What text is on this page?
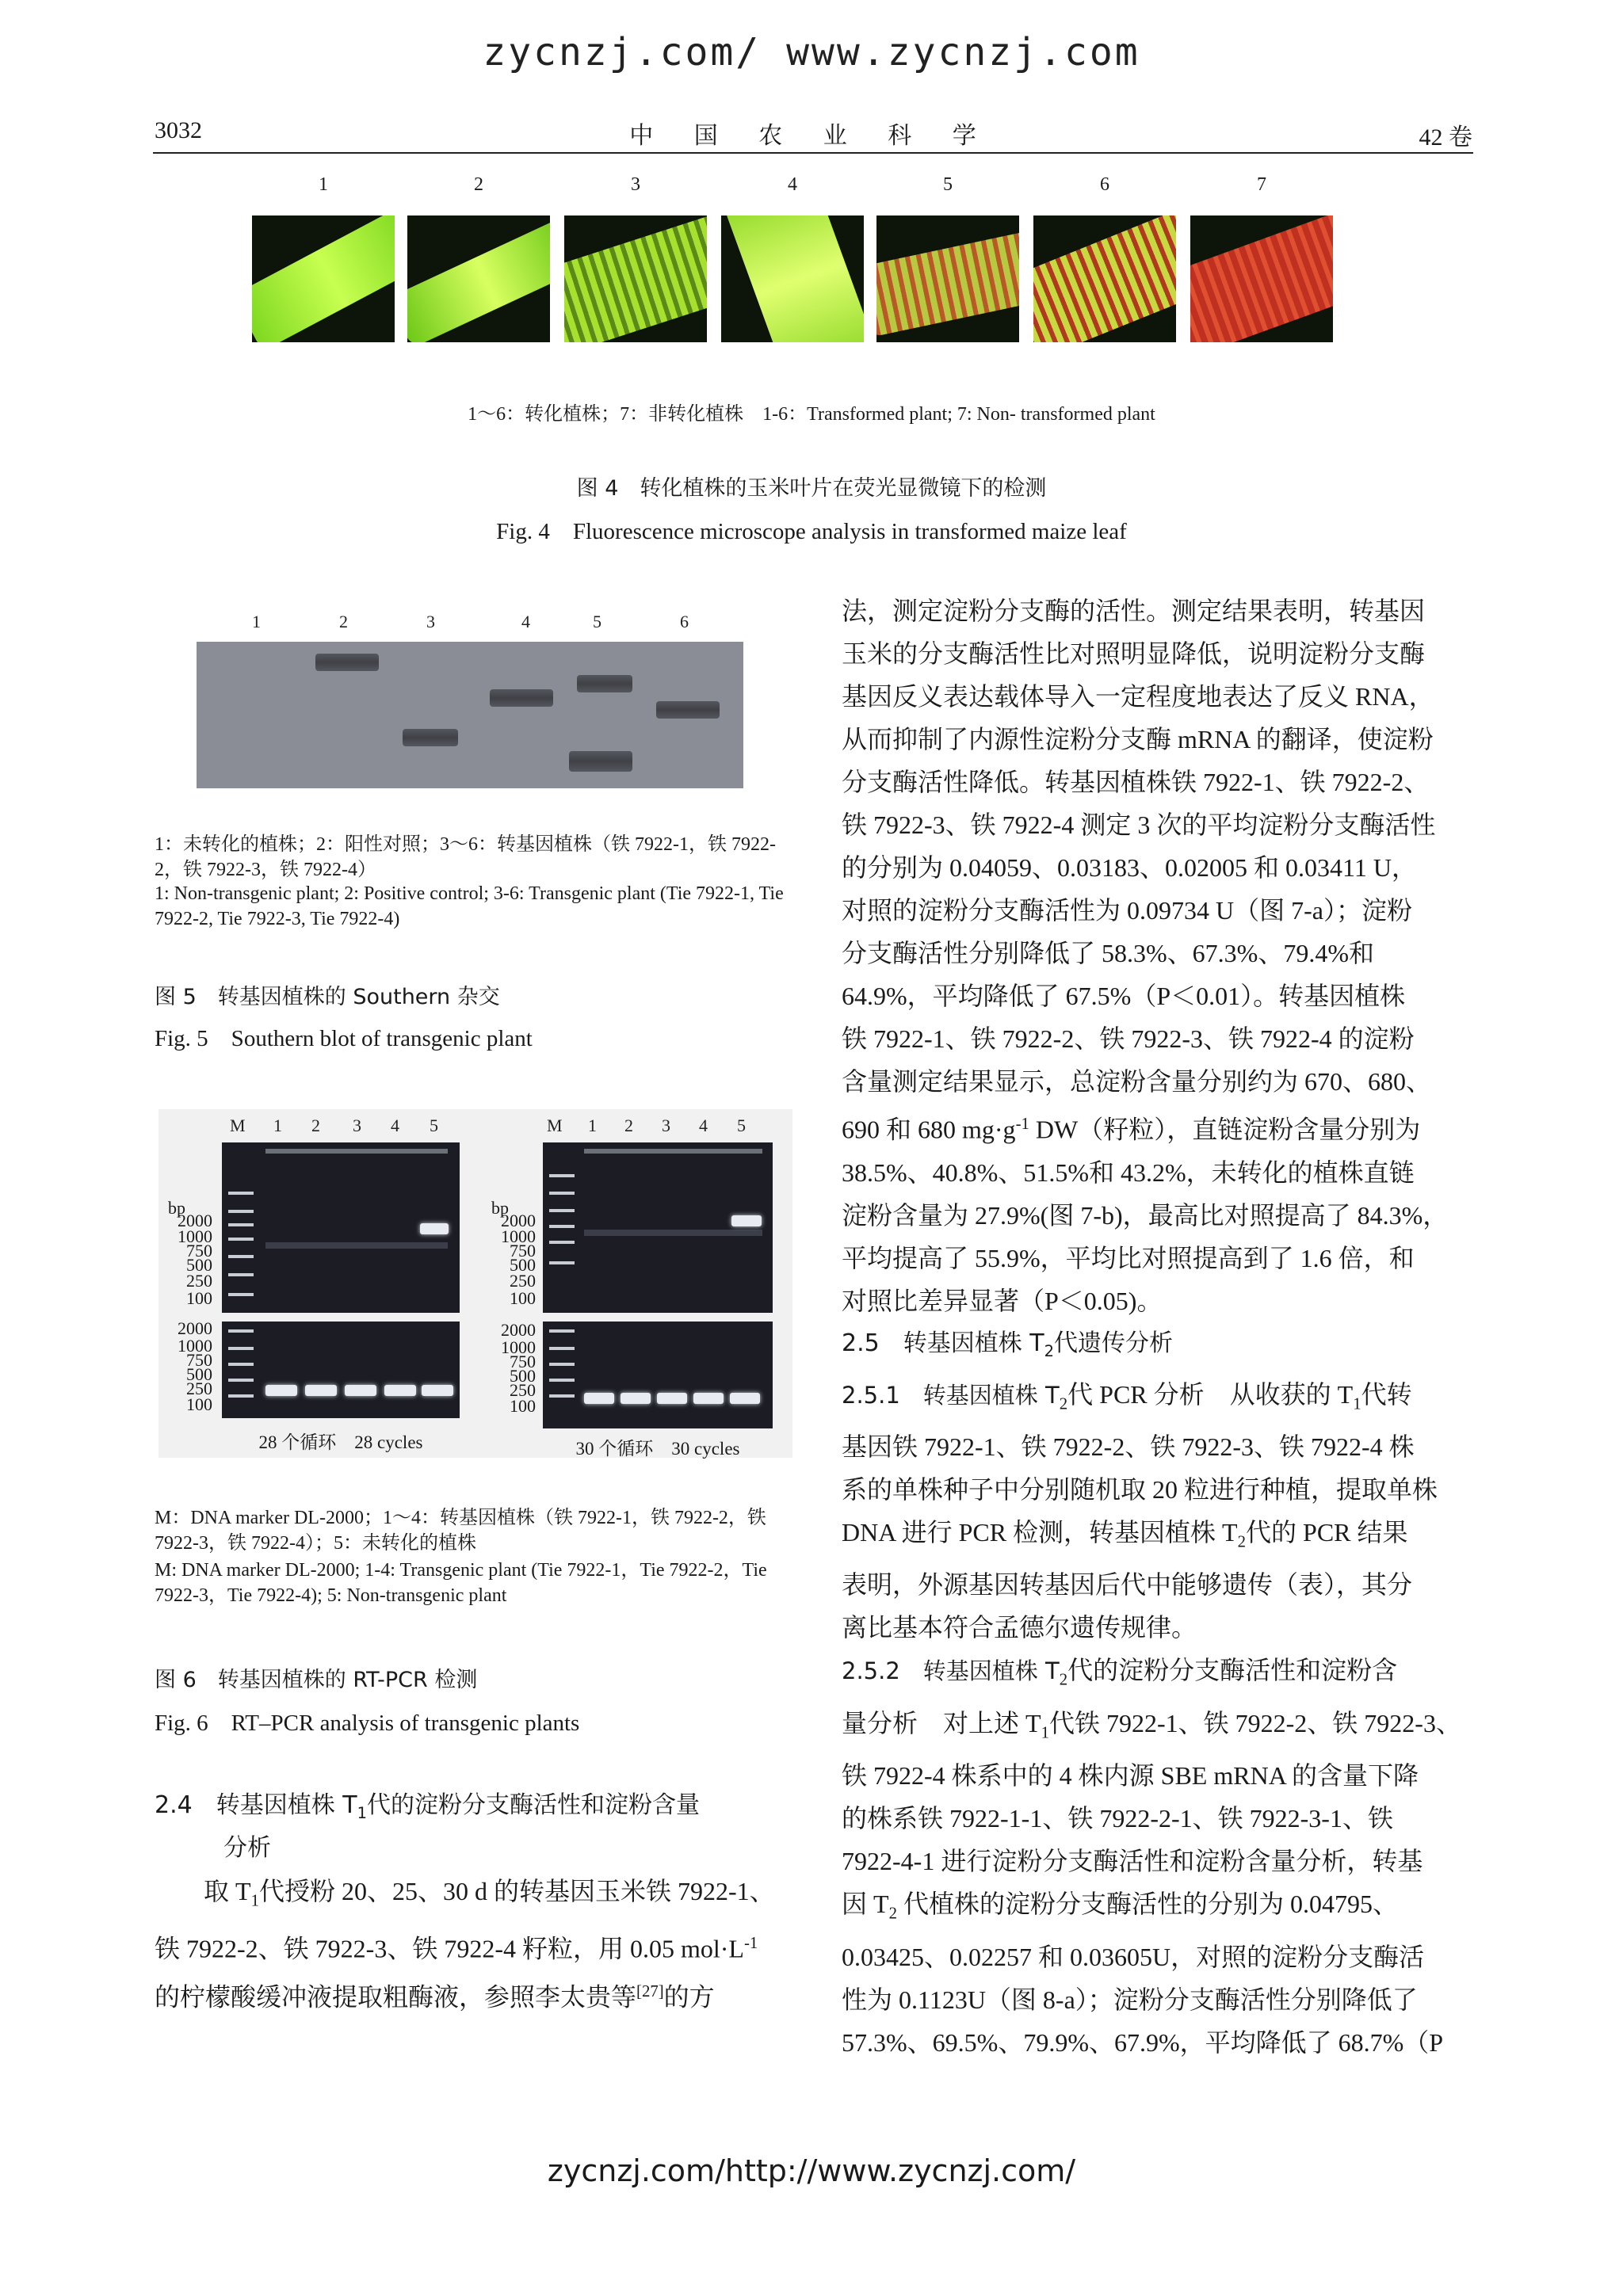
zycnzj.com/ www.zycnzj.com
3032	中 国 农 业 科 学	42 卷
1	2	3	4	5	6	7
1～6：转化植株；7：非转化植株　1-6：Transformed plant; 7: Non- transformed plant
图 4　转化植株的玉米叶片在荧光显微镜下的检测
Fig. 4　Fluorescence microscope analysis in transformed maize leaf
1	2	3	4	5	6
1：未转化的植株；2：阳性对照；3～6：转基因植株（铁 7922-1，铁 7922-2，铁 7922-3，铁 7922-4）
1: Non-transgenic plant; 2: Positive control; 3-6: Transgenic plant (Tie 7922-1, Tie 7922-2, Tie 7922-3, Tie 7922-4)
图 5　转基因植株的 Southern 杂交
Fig. 5　Southern blot of transgenic plant
M 1 2 3 4 5
bp
2000
1000
750
500
250
100
2000
1000
750
500
250
100
28 个循环　28 cycles
M 1 2 3 4 5
bp
2000
1000
750
500
250
100
2000
1000
750
500
250
100
30 个循环　30 cycles
M：DNA marker DL-2000；1～4：转基因植株（铁 7922-1，铁 7922-2，铁 7922-3，铁 7922-4）；5：未转化的植株
M: DNA marker DL-2000; 1-4: Transgenic plant (Tie 7922-1，Tie 7922-2，Tie 7922-3，Tie 7922-4); 5: Non-transgenic plant
图 6　转基因植株的 RT-PCR 检测
Fig. 6　RT–PCR analysis of transgenic plants
2.4　转基因植株 $T_1$代的淀粉分支酶活性和淀粉含量
分析
取 $T_1$代授粉 20、25、30 d 的转基因玉米铁 7922-1、
铁 7922-2、铁 7922-3、铁 7922-4 籽粒，用 0.05 $mol\cdot L^{-1}$
的柠檬酸缓冲液提取粗酶液，参照李太贵等[27]的方
法，测定淀粉分支酶的活性。测定结果表明，转基因
玉米的分支酶活性比对照明显降低，说明淀粉分支酶
基因反义表达载体导入一定程度地表达了反义 RNA，
从而抑制了内源性淀粉分支酶 mRNA 的翻译，使淀粉
分支酶活性降低。转基因植株铁 7922-1、铁 7922-2、
铁 7922-3、铁 7922-4 测定 3 次的平均淀粉分支酶活性
的分别为 0.04059、0.03183、0.02005 和 0.03411 U，
对照的淀粉分支酶活性为 0.09734 U（图 7-a）；淀粉
分支酶活性分别降低了 58.3%、67.3%、79.4%和
64.9%，平均降低了 67.5%（P＜0.01）。转基因植株
铁 7922-1、铁 7922-2、铁 7922-3、铁 7922-4 的淀粉
含量测定结果显示，总淀粉含量分别约为 670、680、
690 和 680 $mg\cdot g^{-1}$ DW（籽粒），直链淀粉含量分别为
38.5%、40.8%、51.5%和 43.2%，未转化的植株直链
淀粉含量为 27.9%(图 7-b)，最高比对照提高了 84.3%，
平均提高了 55.9%，平均比对照提高到了 1.6 倍，和
对照比差异显著（P＜0.05)。
2.5　转基因植株 $T_2$代遗传分析
2.5.1　转基因植株 $T_2$代 PCR 分析　从收获的 $T_1$代转
基因铁 7922-1、铁 7922-2、铁 7922-3、铁 7922-4 株
系的单株种子中分别随机取 20 粒进行种植，提取单株
DNA 进行 PCR 检测，转基因植株 $T_2$代的 PCR 结果
表明，外源基因转基因后代中能够遗传（表），其分
离比基本符合孟德尔遗传规律。
2.5.2　转基因植株 $T_2$代的淀粉分支酶活性和淀粉含
量分析　对上述 $T_1$代铁 7922-1、铁 7922-2、铁 7922-3、
铁 7922-4 株系中的 4 株内源 SBE mRNA 的含量下降
的株系铁 7922-1-1、铁 7922-2-1、铁 7922-3-1、铁
7922-4-1 进行淀粉分支酶活性和淀粉含量分析，转基
因 $T_2$ 代植株的淀粉分支酶活性的分别为 0.04795、
0.03425、0.02257 和 0.03605U，对照的淀粉分支酶活
性为 0.1123U（图 8-a）；淀粉分支酶活性分别降低了
57.3%、69.5%、79.9%、67.9%，平均降低了 68.7%（P
zycnzj.com/http://www.zycnzj.com/
